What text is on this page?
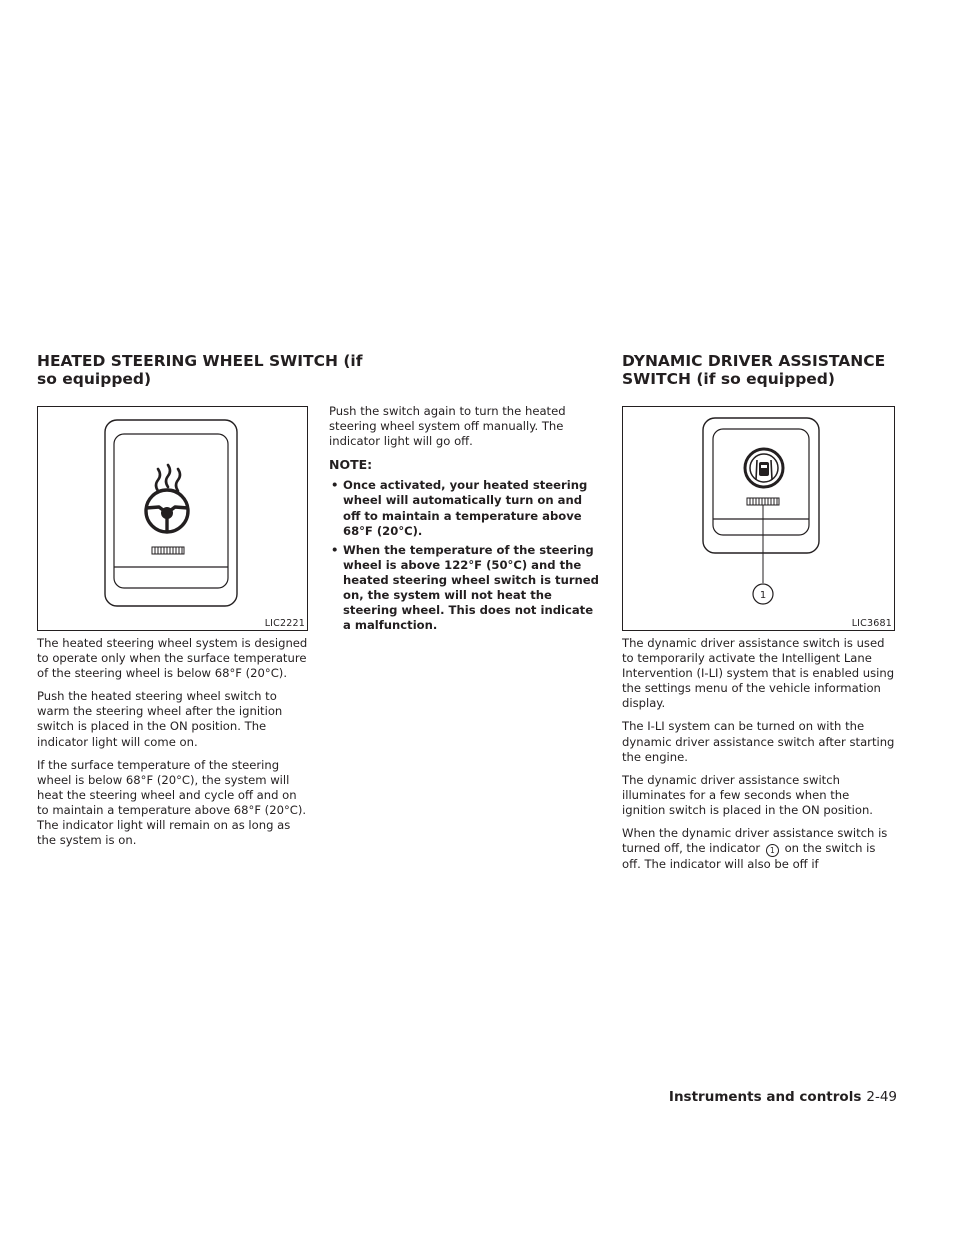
HEATED STEERING WHEEL SWITCH (if
so equipped)
LIC2221

The heated steering wheel system is designed to operate only when the surface temperature of the steering wheel is below 68°F (20°C).

Push the heated steering wheel switch to warm the steering wheel after the ignition switch is placed in the ON position. The indicator light will come on.

If the surface temperature of the steering wheel is below 68°F (20°C), the system will heat the steering wheel and cycle off and on to maintain a temperature above 68°F (20°C). The indicator light will remain on as long as the system is on.

Push the switch again to turn the heated steering wheel system off manually. The indicator light will go off.

NOTE:
• Once activated, your heated steering wheel will automatically turn on and off to maintain a temperature above 68°F (20°C).
• When the temperature of the steering wheel is above 122°F (50°C) and the heated steering wheel switch is turned on, the system will not heat the steering wheel. This does not indicate a malfunction.
DYNAMIC DRIVER ASSISTANCE
SWITCH (if so equipped)
1
LIC3681

The dynamic driver assistance switch is used to temporarily activate the Intelligent Lane Intervention (I-LI) system that is enabled using the settings menu of the vehicle information display.

The I-LI system can be turned on with the dynamic driver assistance switch after starting the engine.

The dynamic driver assistance switch illuminates for a few seconds when the ignition switch is placed in the ON position.

When the dynamic driver assistance switch is turned off, the indicator 1 on the switch is off. The indicator will also be off if

Instruments and controls 2-49
